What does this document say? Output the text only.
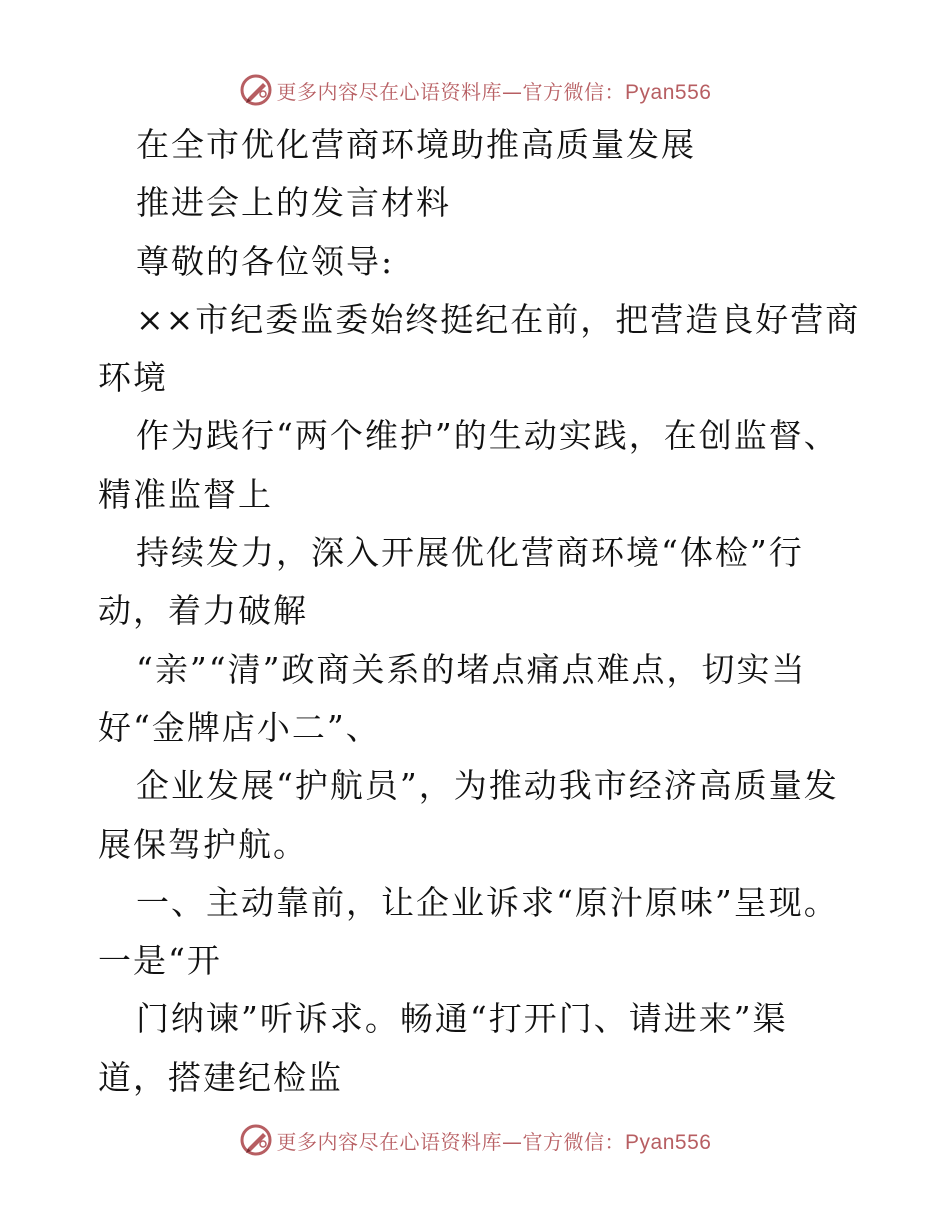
更多内容尽在心语资料库—官方微信：Pyan556
在全市优化营商环境助推高质量发展
推进会上的发言材料
尊敬的各位领导:
××市纪委监委始终挺纪在前，把营造良好营商
环境
作为践行“两个维护”的生动实践，在创监督、
精准监督上
持续发力，深入开展优化营商环境“体检”行
动，着力破解
“亲”“清”政商关系的堵点痛点难点，切实当
好“金牌店小二”、
企业发展“护航员”，为推动我市经济高质量发
展保驾护航。
一、主动靠前，让企业诉求“原汁原味”呈现。
一是“开
门纳谏”听诉求。畅通“打开门、请进来”渠
道，搭建纪检监
更多内容尽在心语资料库—官方微信：Pyan556
